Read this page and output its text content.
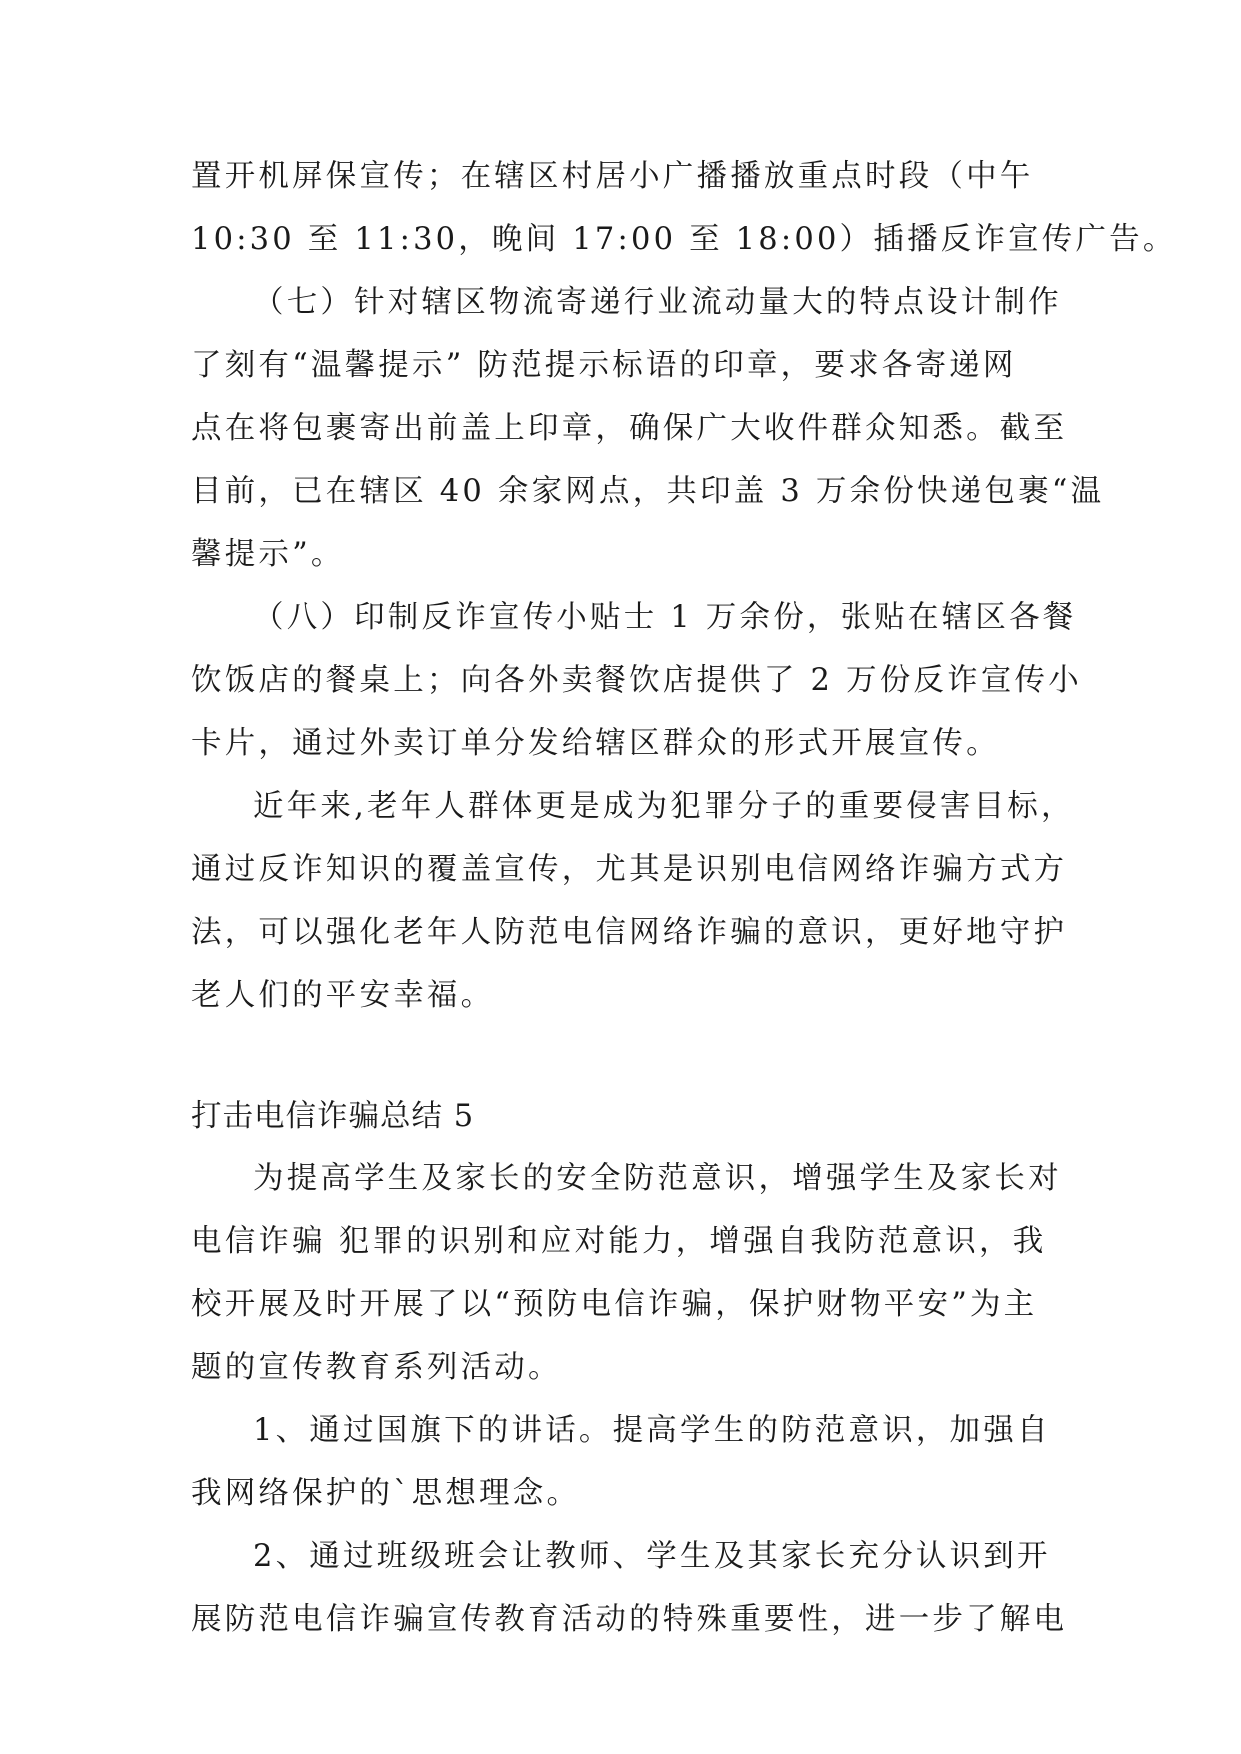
置开机屏保宣传；在辖区村居小广播播放重点时段（中午
10:30 至 11:30，晚间 17:00 至 18:00）插播反诈宣传广告。
（七）针对辖区物流寄递行业流动量大的特点设计制作
了刻有“温馨提示” 防范提示标语的印章，要求各寄递网
点在将包裹寄出前盖上印章，确保广大收件群众知悉。截至
目前，已在辖区 40 余家网点，共印盖 3 万余份快递包裹“温
馨提示”。
（八）印制反诈宣传小贴士 1 万余份，张贴在辖区各餐
饮饭店的餐桌上；向各外卖餐饮店提供了 2 万份反诈宣传小
卡片，通过外卖订单分发给辖区群众的形式开展宣传。
近年来,老年人群体更是成为犯罪分子的重要侵害目标，
通过反诈知识的覆盖宣传，尤其是识别电信网络诈骗方式方
法，可以强化老年人防范电信网络诈骗的意识，更好地守护
老人们的平安幸福。
打击电信诈骗总结 5
为提高学生及家长的安全防范意识，增强学生及家长对
电信诈骗 犯罪的识别和应对能力，增强自我防范意识，我
校开展及时开展了以“预防电信诈骗，保护财物平安”为主
题的宣传教育系列活动。
1、通过国旗下的讲话。提高学生的防范意识，加强自
我网络保护的`思想理念。
2、通过班级班会让教师、学生及其家长充分认识到开
展防范电信诈骗宣传教育活动的特殊重要性，进一步了解电
